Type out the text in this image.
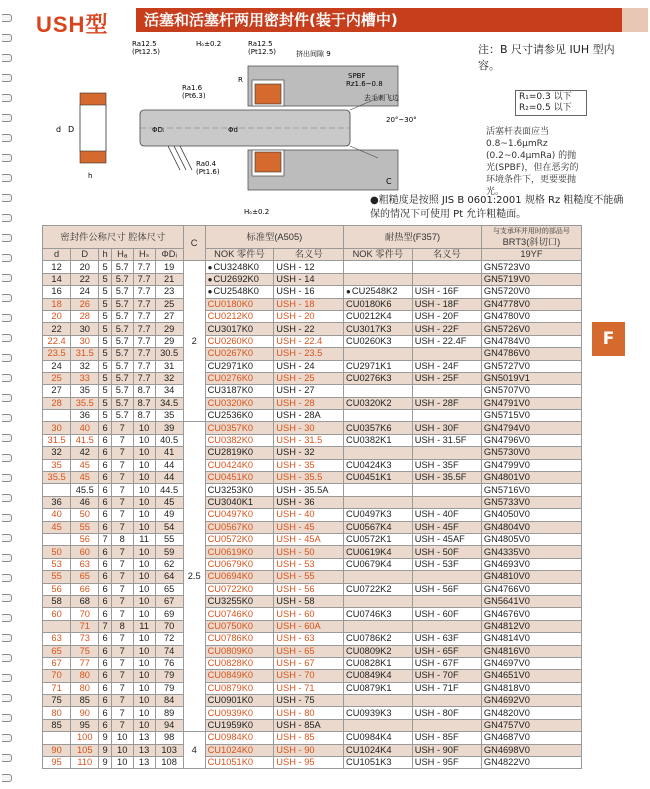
USH型	活塞和活塞杆两用密封件(装于内槽中)
Ra12.5
(Pt12.5)
Hₒ±0.2	Ra12.5
(Pt12.5)	挤出间隙 9
Ra1.6
(Pt6.3)
SPBF
Rz1.6~0.8
去毛刺飞边
20°~30°
Ra0.4
(Pt1.6)
Hₒ±0.2
d D	ΦDᵢ	Φd
C
R
h
注：B 尺寸请参见 IUH 型内容。
R₁=0.3 以下
R₂=0.5 以下
活塞杆表面应当 0.8~1.6μmRz (0.2~0.4μmRa) 的抛光(SPBF)，但在恶劣的环境条件下，更要要抛光。
●粗糙度是按照 JIS B 0601:2001 规格 Rz 粗糙度不能确保的情况下可使用 Pt 允许粗糙面。
F
密封件公称尺寸 腔体尺寸						C	标准型(A505)		耐热型(F357)		与支承环并用时的部品号
BRT3(斜切口)

d	D	h	Hₐ	Hₛ	ΦDᵢ		NOK 零件号	名义号	NOK 零件号	名义号	19YF
12	20	5	5.7	7.7	19	2	● CU3248K0	USH - 12			GN5723V0
14	22	5	5.7	7.7	21		● CU2692K0	USH - 14			GN5719V0
16	24	5	5.7	7.7	23		● CU2548K0	USH - 16	● CU2548K2	USH - 16F	GN5720V0
18	26	5	5.7	7.7	25		CU0180K0	USH - 18	CU0180K6	USH - 18F	GN4778V0
20	28	5	5.7	7.7	27		CU0212K0	USH - 20	CU0212K4	USH - 20F	GN4780V0
22	30	5	5.7	7.7	29		CU3017K0	USH - 22	CU3017K3	USH - 22F	GN5726V0
22.4	30	5	5.7	7.7	29		CU0260K0	USH - 22.4	CU0260K3	USH - 22.4F	GN4784V0
23.5	31.5	5	5.7	7.7	30.5		CU0267K0	USH - 23.5			GN4786V0
24	32	5	5.7	7.7	31		CU2971K0	USH - 24	CU2971K1	USH - 24F	GN5727V0
25	33	5	5.7	7.7	32		CU0276K0	USH - 25	CU0276K3	USH - 25F	GN5019V1
27	35	5	5.7	8.7	34		CU3187K0	USH - 27			GN5707V0
28	35.5	5	5.7	8.7	34.5		CU0320K0	USH - 28	CU0320K2	USH - 28F	GN4791V0
	36	5	5.7	8.7	35		CU2536K0	USH - 28A			GN5715V0
30	40	6	7	10	39	2.5	CU0357K0	USH - 30	CU0357K6	USH - 30F	GN4794V0
31.5	41.5	6	7	10	40.5		CU0382K0	USH - 31.5	CU0382K1	USH - 31.5F	GN4796V0
32	42	6	7	10	41		CU2819K0	USH - 32			GN5730V0
35	45	6	7	10	44		CU0424K0	USH - 35	CU0424K3	USH - 35F	GN4799V0
35.5	45	6	7	10	44		CU0451K0	USH - 35.5	CU0451K1	USH - 35.5F	GN4801V0
	45.5	6	7	10	44.5		CU3253K0	USH - 35.5A			GN5716V0
36	46	6	7	10	45		CU3040K1	USH - 36			GN5733V0
40	50	6	7	10	49		CU0497K0	USH - 40	CU0497K3	USH - 40F	GN4050V0
45	55	6	7	10	54		CU0567K0	USH - 45	CU0567K4	USH - 45F	GN4804V0
	56	7	8	11	55		CU0572K0	USH - 45A	CU0572K1	USH - 45AF	GN4805V0
50	60	6	7	10	59		CU0619K0	USH - 50	CU0619K4	USH - 50F	GN4335V0
53	63	6	7	10	62		CU0679K0	USH - 53	CU0679K4	USH - 53F	GN4693V0
55	65	6	7	10	64		CU0694K0	USH - 55			GN4810V0
56	66	6	7	10	65		CU0722K0	USH - 56	CU0722K2	USH - 56F	GN4766V0
58	68	6	7	10	67		CU3255K0	USH - 58			GN5641V0
60	70	6	7	10	69		CU0746K0	USH - 60	CU0746K3	USH - 60F	GN4676V0
	71	7	8	11	70		CU0750K0	USH - 60A			GN4812V0
63	73	6	7	10	72		CU0786K0	USH - 63	CU0786K2	USH - 63F	GN4814V0
65	75	6	7	10	74		CU0809K0	USH - 65	CU0809K2	USH - 65F	GN4816V0
67	77	6	7	10	76		CU0828K0	USH - 67	CU0828K1	USH - 67F	GN4697V0
70	80	6	7	10	79		CU0849K0	USH - 70	CU0849K4	USH - 70F	GN4651V0
71	80	6	7	10	79		CU0879K0	USH - 71	CU0879K1	USH - 71F	GN4818V0
75	85	6	7	10	84		CU0901K0	USH - 75			GN4692V0
80	90	6	7	10	89		CU0939K0	USH - 80	CU0939K3	USH - 80F	GN4820V0
85	95	6	7	10	94		CU1959K0	USH - 85A			GN4757V0
	100	9	10	13	98	4	CU0984K0	USH - 85	CU0984K4	USH - 85F	GN4687V0
90	105	9	10	13	103		CU1024K0	USH - 90	CU1024K4	USH - 90F	GN4698V0
95	110	9	10	13	108		CU1051K0	USH - 95	CU1051K3	USH - 95F	GN4822V0
